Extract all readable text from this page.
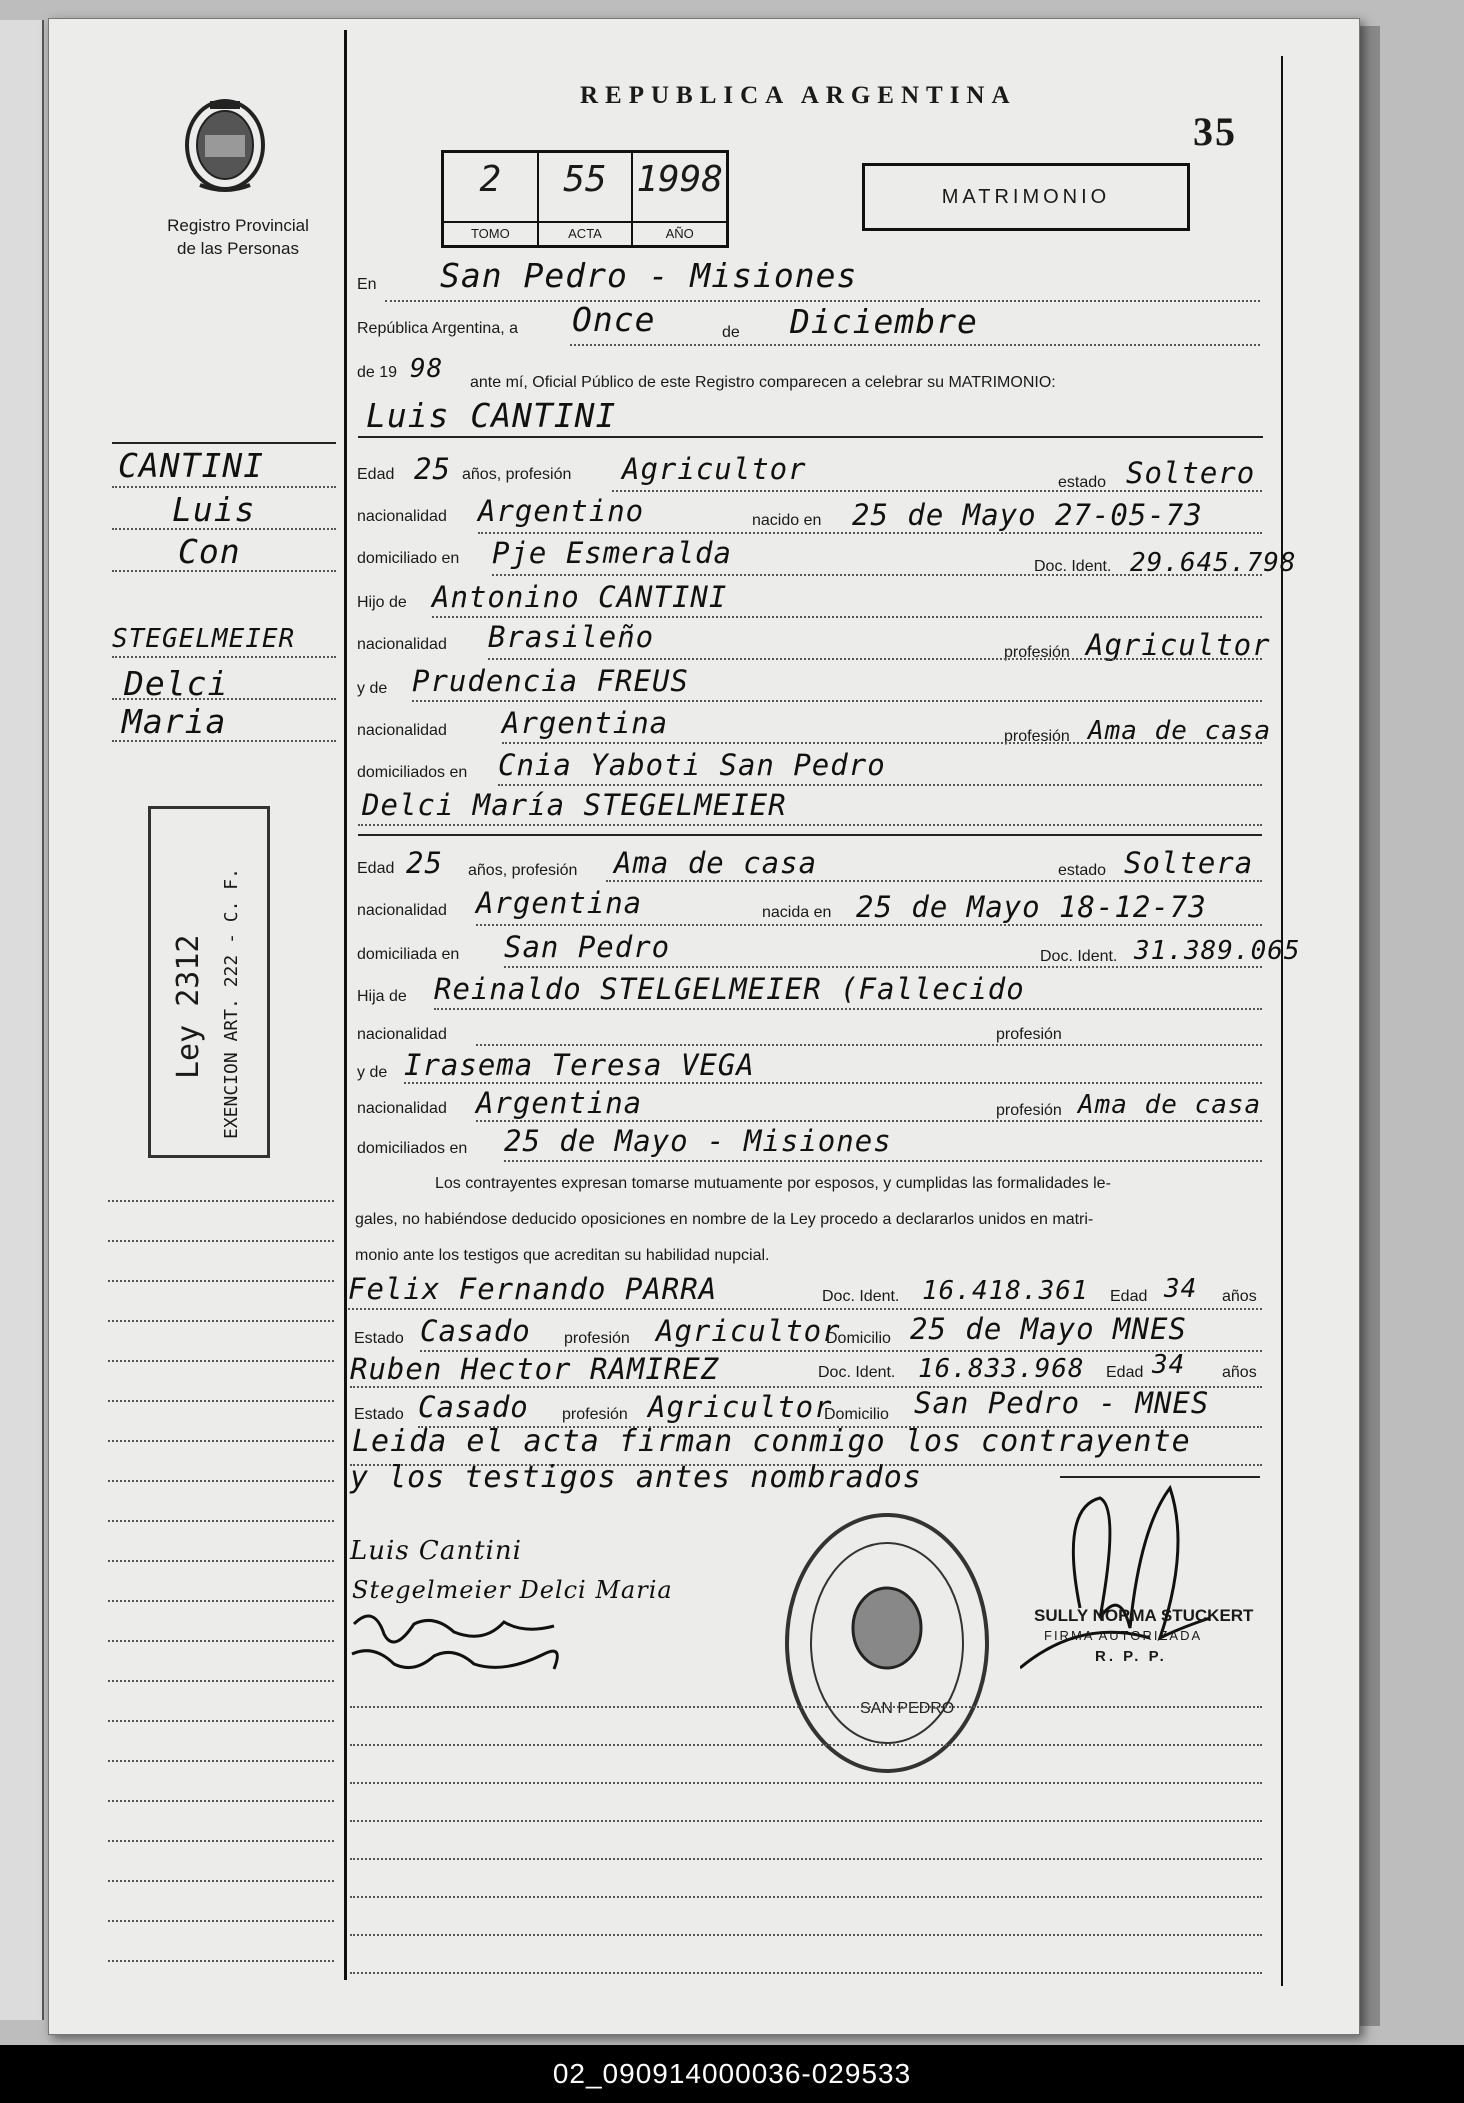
Registro Provincial
de las Personas
REPUBLICA ARGENTINA
35
2
TOMO
55
ACTA
1998
AÑO
MATRIMONIO
CANTINI
Luis
Con
STEGELMEIER
Delci
Maria
Ley 2312 EXENCION ART. 222 - C. F.
En San Pedro - Misiones
República Argentina, a Once	de Diciembre
de 19 98 ante mí, Oficial Público de este Registro comparecen a celebrar su MATRIMONIO:
Luis CANTINI
Edad 25 años, profesión Agricultor	estado Soltero
nacionalidad Argentino	nacido en 25 de Mayo 27-05-73
domiciliado en Pje Esmeralda	Doc. Ident. 29.645.798
Hijo de Antonino CANTINI
nacionalidad Brasileño	profesión Agricultor
y de Prudencia FREUS
nacionalidad Argentina	profesión Ama de casa
domiciliados en Cnia Yaboti San Pedro
Delci María STEGELMEIER
Edad 25 años, profesión Ama de casa	estado Soltera
nacionalidad Argentina	nacida en 25 de Mayo 18-12-73
domiciliada en San Pedro	Doc. Ident. 31.389.065
Hija de Reinaldo STELGELMEIER (Fallecido
nacionalidad	profesión
y de Irasema Teresa VEGA
nacionalidad Argentina	profesión Ama de casa
domiciliados en 25 de Mayo - Misiones
Los contrayentes expresan tomarse mutuamente por esposos, y cumplidas las formalidades le-
gales, no habiéndose deducido oposiciones en nombre de la Ley procedo a declararlos unidos en matri-
monio ante los testigos que acreditan su habilidad nupcial.
Felix Fernando PARRA	Doc. Ident. 16.418.361 Edad 34 años
Estado Casado profesión Agricultor
Domicilio 25 de Mayo MNES
Ruben Hector RAMIREZ	Doc. Ident. 16.833.968 Edad 34 años
Estado Casado profesión Agricultor
Domicilio San Pedro - MNES
Leida el acta firman conmigo los contrayente
y los testigos antes nombrados
Luis Cantini
Stegelmeier Delci Maria
SAN PEDRO
SULLY NORMA STUCKERT
FIRMA AUTORIZADA
R. P. P.
02_090914000036-029533
